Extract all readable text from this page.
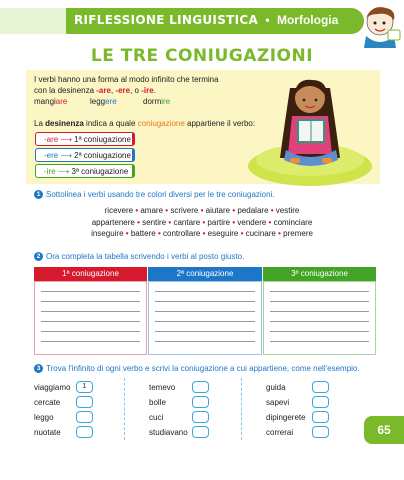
RIFLESSIONE LINGUISTICA • Morfologia
LE TRE CONIUGAZIONI
I verbi hanno una forma al modo infinito che termina
con la desinenza -are, -ere, o -ire.
mangiare	leggere	dormire
La desinenza indica a quale coniugazione appartiene il verbo:
-are ⟶ 1ª coniugazione
-ere ⟶ 2ª coniugazione
-ire ⟶ 3ª coniugazione
1 Sottolinea i verbi usando tre colori diversi per le tre coniugazioni.
ricevere • amare • scrivere • aiutare • pedalare • vestire
appartenere • sentire • cantare • partire • vendere • cominciare
inseguire • battere • controllare • eseguire • cucinare • premere
2 Ora completa la tabella scrivendo i verbi al posto giusto.
1ª coniugazione	2ª coniugazione	3ª coniugazione
3 Trova l'infinito di ogni verbo e scrivi la coniugazione a cui appartiene, come nell'esempio.
viaggiamo	1
cercate
leggo
nuotate
temevo
bolle
cuci
studiavano
guida
sapevi
dipingerete
correrai	65
